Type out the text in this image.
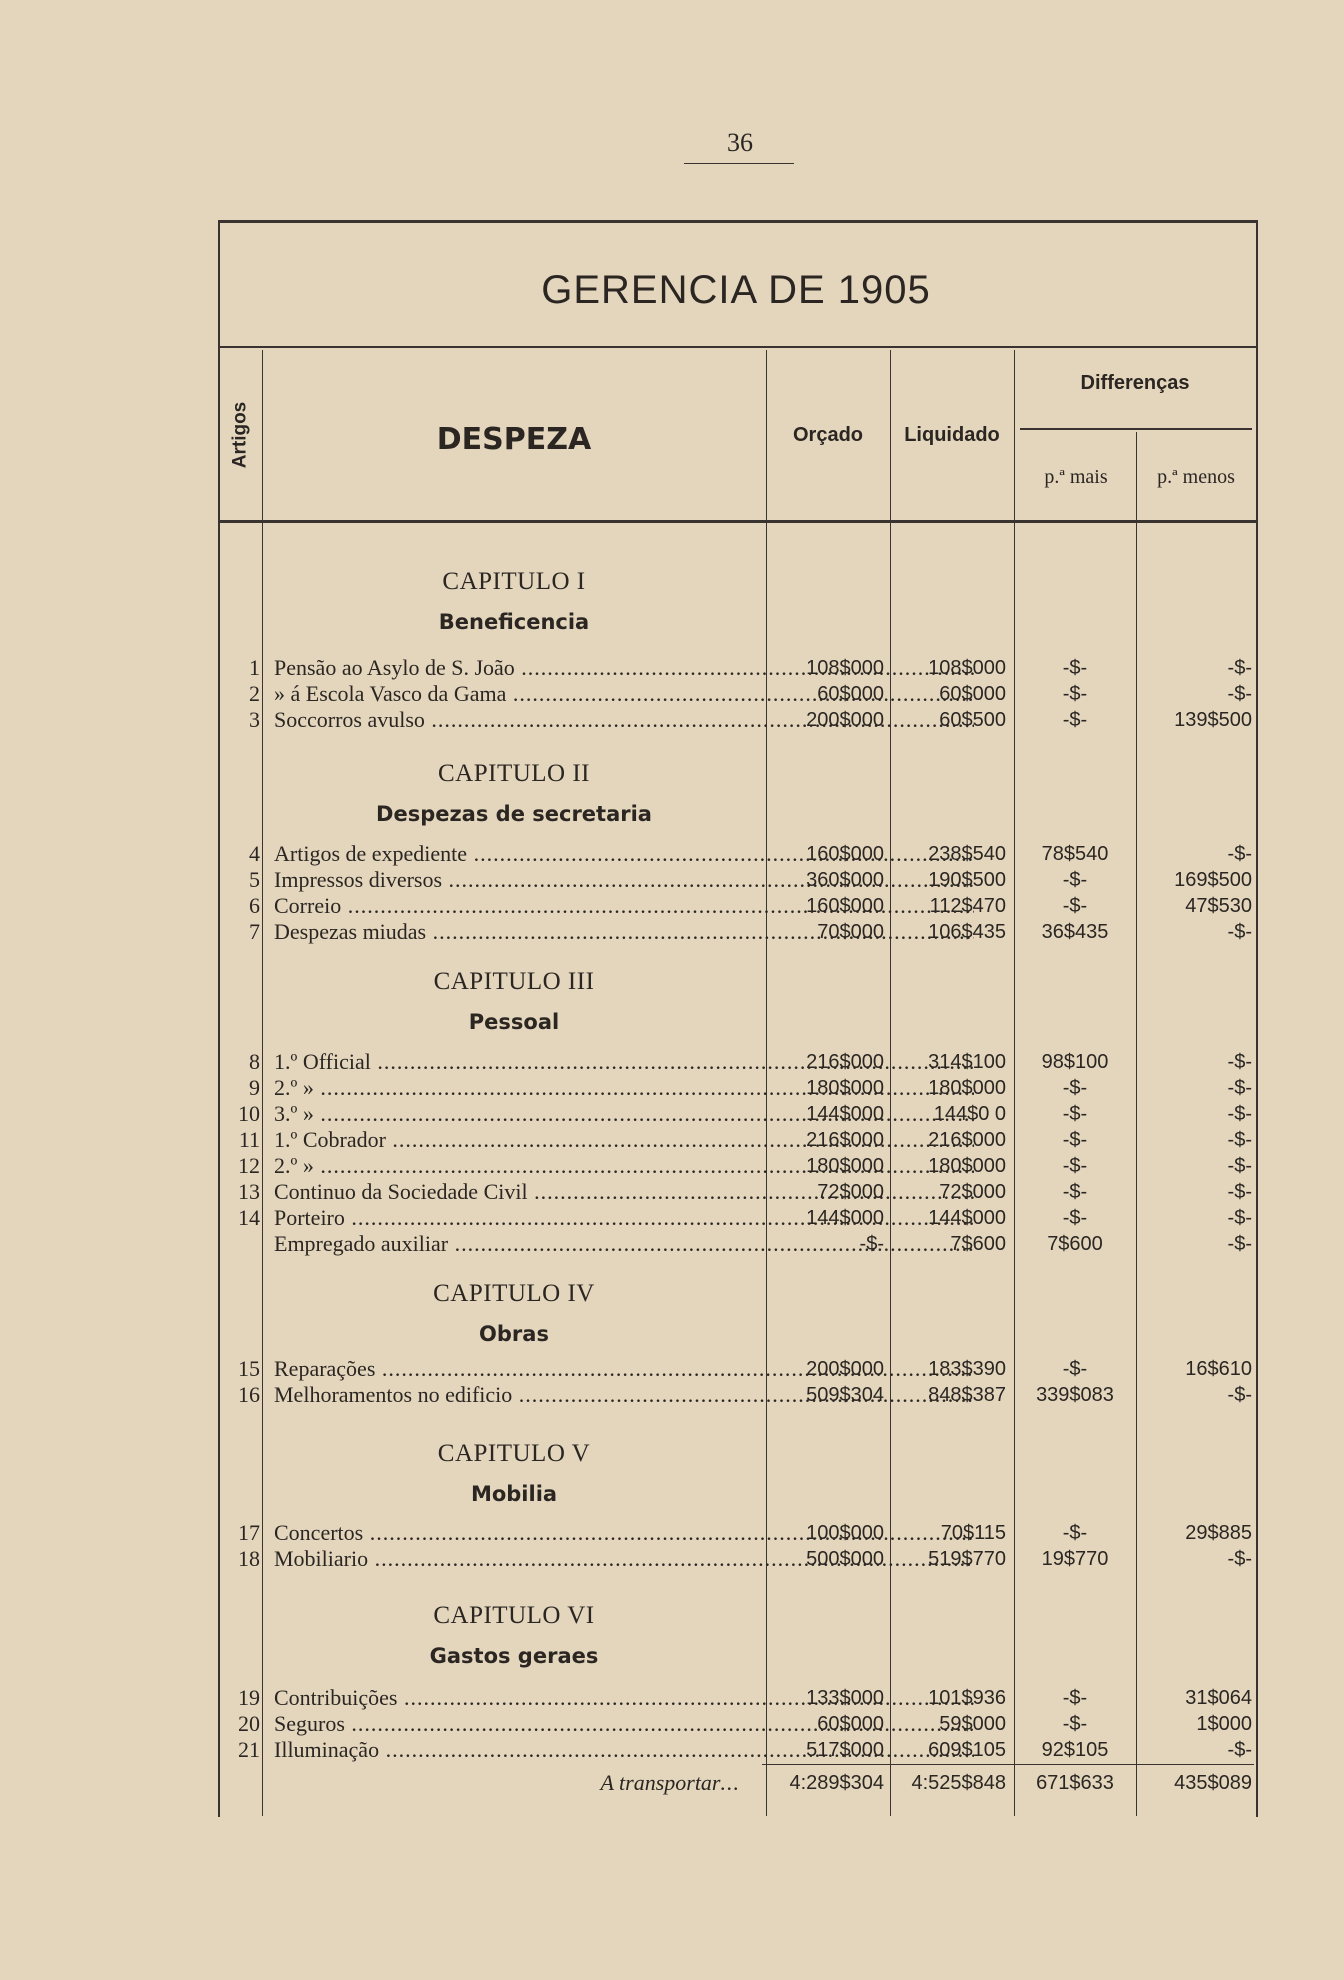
36
GERENCIA DE 1905
Artigos	DESPEZA	Orçado	Liquidado
Differenças
p.ª mais	p.ª menos
CAPITULO I
Beneficencia
1 Pensão ao Asylo de S. João .....	108$000	108$000	-$-	-$-
2 » á Escola Vasco da Gama .....	60$000	60$000	-$-	-$-
3 Soccorros avulso .....	200$000	60$500	-$-	139$500
CAPITULO II
Despezas de secretaria
4 Artigos de expediente .....	160$000	238$540	78$540	-$-
5 Impressos diversos .....	360$000	190$500	-$-	169$500
6 Correio .....	160$000	112$470	-$-	47$530
7 Despezas miudas .....	70$000	106$435	36$435	-$-
CAPITULO III
Pessoal
8 1.º Official .....	216$000	314$100	98$100	-$-
9 2.º » .....	180$000	180$000	-$-	-$-
10 3.º » .....	144$000	144$0 0	-$-	-$-
11 1.º Cobrador .....	216$000	216$000	-$-	-$-
12 2.º » .....	180$000	180$000	-$-	-$-
13 Continuo da Sociedade Civil .....	72$000	72$000	-$-	-$-
14 Porteiro .....	144$000	144$000	-$-	-$-
Empregado auxiliar .....	-$-	7$600	7$600	-$-
CAPITULO IV
Obras
15 Reparações .....	200$000	183$390	-$-	16$610
16 Melhoramentos no edificio .....	509$304	848$387	339$083	-$-
CAPITULO V
Mobilia
17 Concertos .....	100$000	70$115	-$-	29$885
18 Mobiliario .....	500$000	519$770	19$770	-$-
CAPITULO VI
Gastos geraes
19 Contribuições .....	133$000	101$936	-$-	31$064
20 Seguros .....	60$000	59$000	-$-	1$000
21 Illuminação .....	517$000	609$105	92$105	-$-
A transportar ...	4:289$304	4:525$848	671$633	435$089
